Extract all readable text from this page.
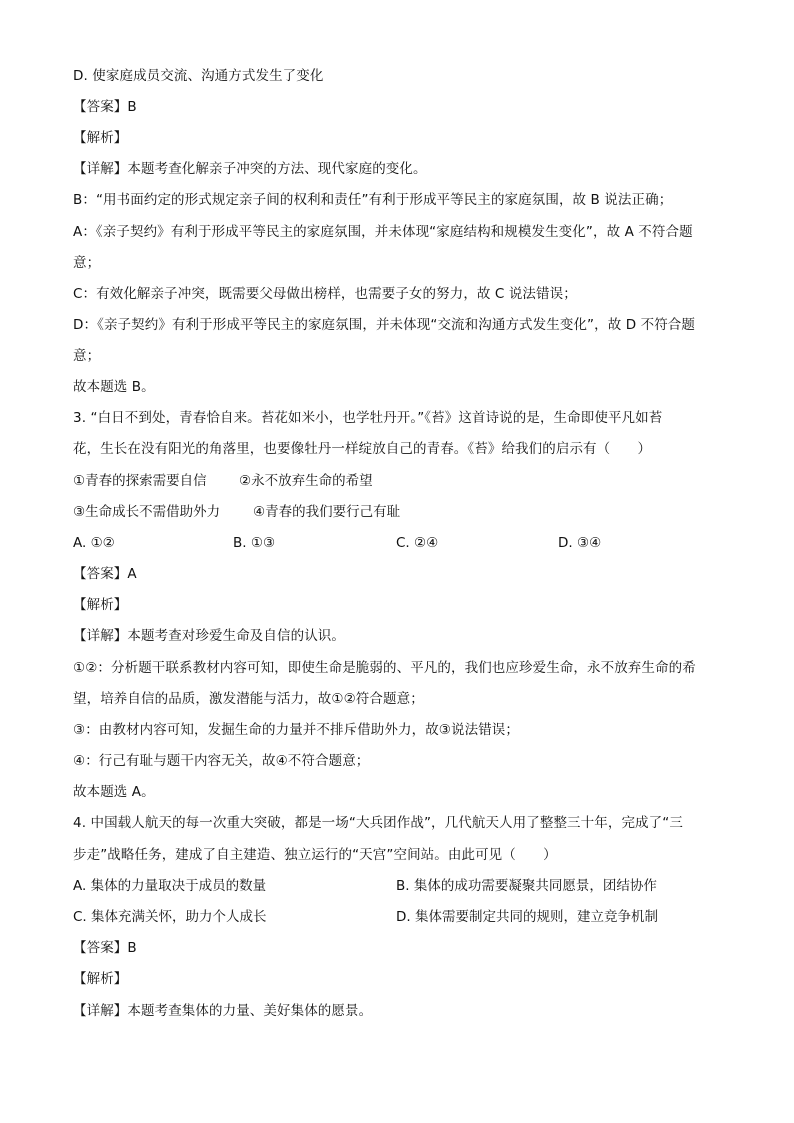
D. 使家庭成员交流、沟通方式发生了变化
【答案】B
【解析】
【详解】本题考查化解亲子冲突的方法、现代家庭的变化。
B：“用书面约定的形式规定亲子间的权利和责任”有利于形成平等民主的家庭氛围，故 B 说法正确；
A：《亲子契约》有利于形成平等民主的家庭氛围，并未体现“家庭结构和规模发生变化”，故 A 不符合题
意；
C：有效化解亲子冲突，既需要父母做出榜样，也需要子女的努力，故 C 说法错误；
D：《亲子契约》有利于形成平等民主的家庭氛围，并未体现“交流和沟通方式发生变化”，故 D 不符合题
意；
故本题选 B。
3. “白日不到处，青春恰自来。苔花如米小，也学牡丹开。”《苔》这首诗说的是，生命即使平凡如苔
花，生长在没有阳光的角落里，也要像牡丹一样绽放自己的青春。《苔》给我们的启示有（　　）
①青春的探索需要自信 ②永不放弃生命的希望
③生命成长不需借助外力 ④青春的我们要行己有耻
A. ①②	B. ①③	C. ②④	D. ③④
【答案】A
【解析】
【详解】本题考查对珍爱生命及自信的认识。
①②：分析题干联系教材内容可知，即使生命是脆弱的、平凡的，我们也应珍爱生命，永不放弃生命的希
望，培养自信的品质，激发潜能与活力，故①②符合题意；
③：由教材内容可知，发掘生命的力量并不排斥借助外力，故③说法错误；
④：行己有耻与题干内容无关，故④不符合题意；
故本题选 A。
4. 中国载人航天的每一次重大突破，都是一场“大兵团作战”，几代航天人用了整整三十年，完成了“三
步走”战略任务，建成了自主建造、独立运行的“天宫”空间站。由此可见（　　）
A. 集体的力量取决于成员的数量	B. 集体的成功需要凝聚共同愿景，团结协作
C. 集体充满关怀，助力个人成长	D. 集体需要制定共同的规则，建立竞争机制
【答案】B
【解析】
【详解】本题考查集体的力量、美好集体的愿景。
